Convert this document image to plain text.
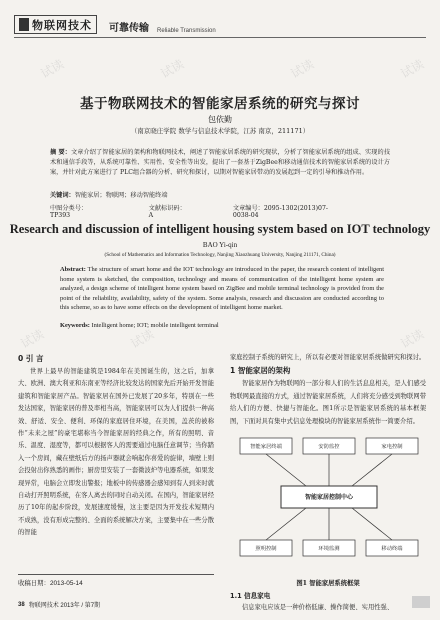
试读	试读	试读	试读
试读	试读	试读
物联网技术 可靠传输 Reliable Transmission
基于物联网技术的智能家居系统的研究与探讨
包依勤
（南京晓庄学院 数学与信息技术学院，江苏 南京，211171）
摘 要：文章介绍了智能家居的架构和物联网技术，阐述了智能家居系统的研究现状，分析了智能家居系统的组成、实现的技术和通信手段等，从系统可靠性、实用性、安全性等出发，提出了一套基于ZigBee和移动通信技术的智能家居系统的设计方案，并针对此方案进行了 PLC组合器的分析、研究和探讨，以期对智能家居带动的发展起到一定的引导和推动作用。
关键词：智能家居；物联网；移动智能终端
中图分类号：TP393
文献标识码：A
文章编号：2095-1302(2013)07-0038-04
Research and discussion of intelligent housing system based on IOT technology
BAO Yi-qin
(School of Mathematics and Information Technology, Nanjing Xiaozhuang University, Nanjing 211171, China)
Abstract: The structure of smart home and the IOT technology are introduced in the paper, the research content of intelligent home system is sketched, the composition, technology and means of communication of the intelligent home system are analyzed, a design scheme of intelligent home system based on ZigBee and mobile terminal technology is provided from the point of the reliability, availability, safety of the system. Some analysis, research and discussion are conducted according to this scheme, so as to have some effects on the development of intelligent home market.
Keywords: Intelligent home; IOT; mobile intelligent terminal
0 引 言
世界上最早的智能建筑是1984年在美国诞生的，这之后，加拿大、欧洲、澳大利亚和东南亚等经济比较发达的国家先后开始开发智能建筑和智能家居产品。智能家居在国外已发展了20多年，特别在一些发达国家，智能家居的普及率相当高，智能家居可以为人们提供一种高效、舒适、安全、便利、环保的家庭居住环境，在美国，盖茨的被称作“未来之屋”的豪宅堪称当今智能家居的经典之作，所有的照明、音乐、温度、湿度等，都可以根据客人的需要通过电脑任意调节；当你踏入一个房间，藏在壁纸后方的扬声器就会响起你喜爱的旋律，墙壁上则会投射出你熟悉的画作；厨房里安装了一套微波炉等电器系统，如果发现异常，电脑会立即发出警报；地板中的传感器会感知到有人到来时就自动打开照明系统，在客人离去的同时自动关闭。在国内，智能家居经历了10年的起步阶段，发展速度缓慢，这主要是因为开发技术短期内不成熟，没有形成完整的、全面的系统解决方案，主要集中在一些分散的智能
收稿日期：2013-05-14
家庭控制子系统的研究上，所以有必要对智能家居系统做研究和探讨。
1 智能家居的架构
智能家居作为物联网的一部分和人们的生活息息相关，是人们感受物联网最直接的方式，通过智能家居系统，人们将充分感受到物联网带给人们的方便、快捷与智能化。图1所示是智能家居系统的基本框架图，下面对具有集中式信息处理模块的智能家居系统作一简要介绍。
智能家居终端	安防监控	家电控制
智能家居控制中心
照明控制	环境监测	移动终端
图1 智能家居系统框架
1.1 信息家电
信息家电应该是一种价格低廉、操作简便、实用性强、
38 物联网技术 2013年 / 第7期
